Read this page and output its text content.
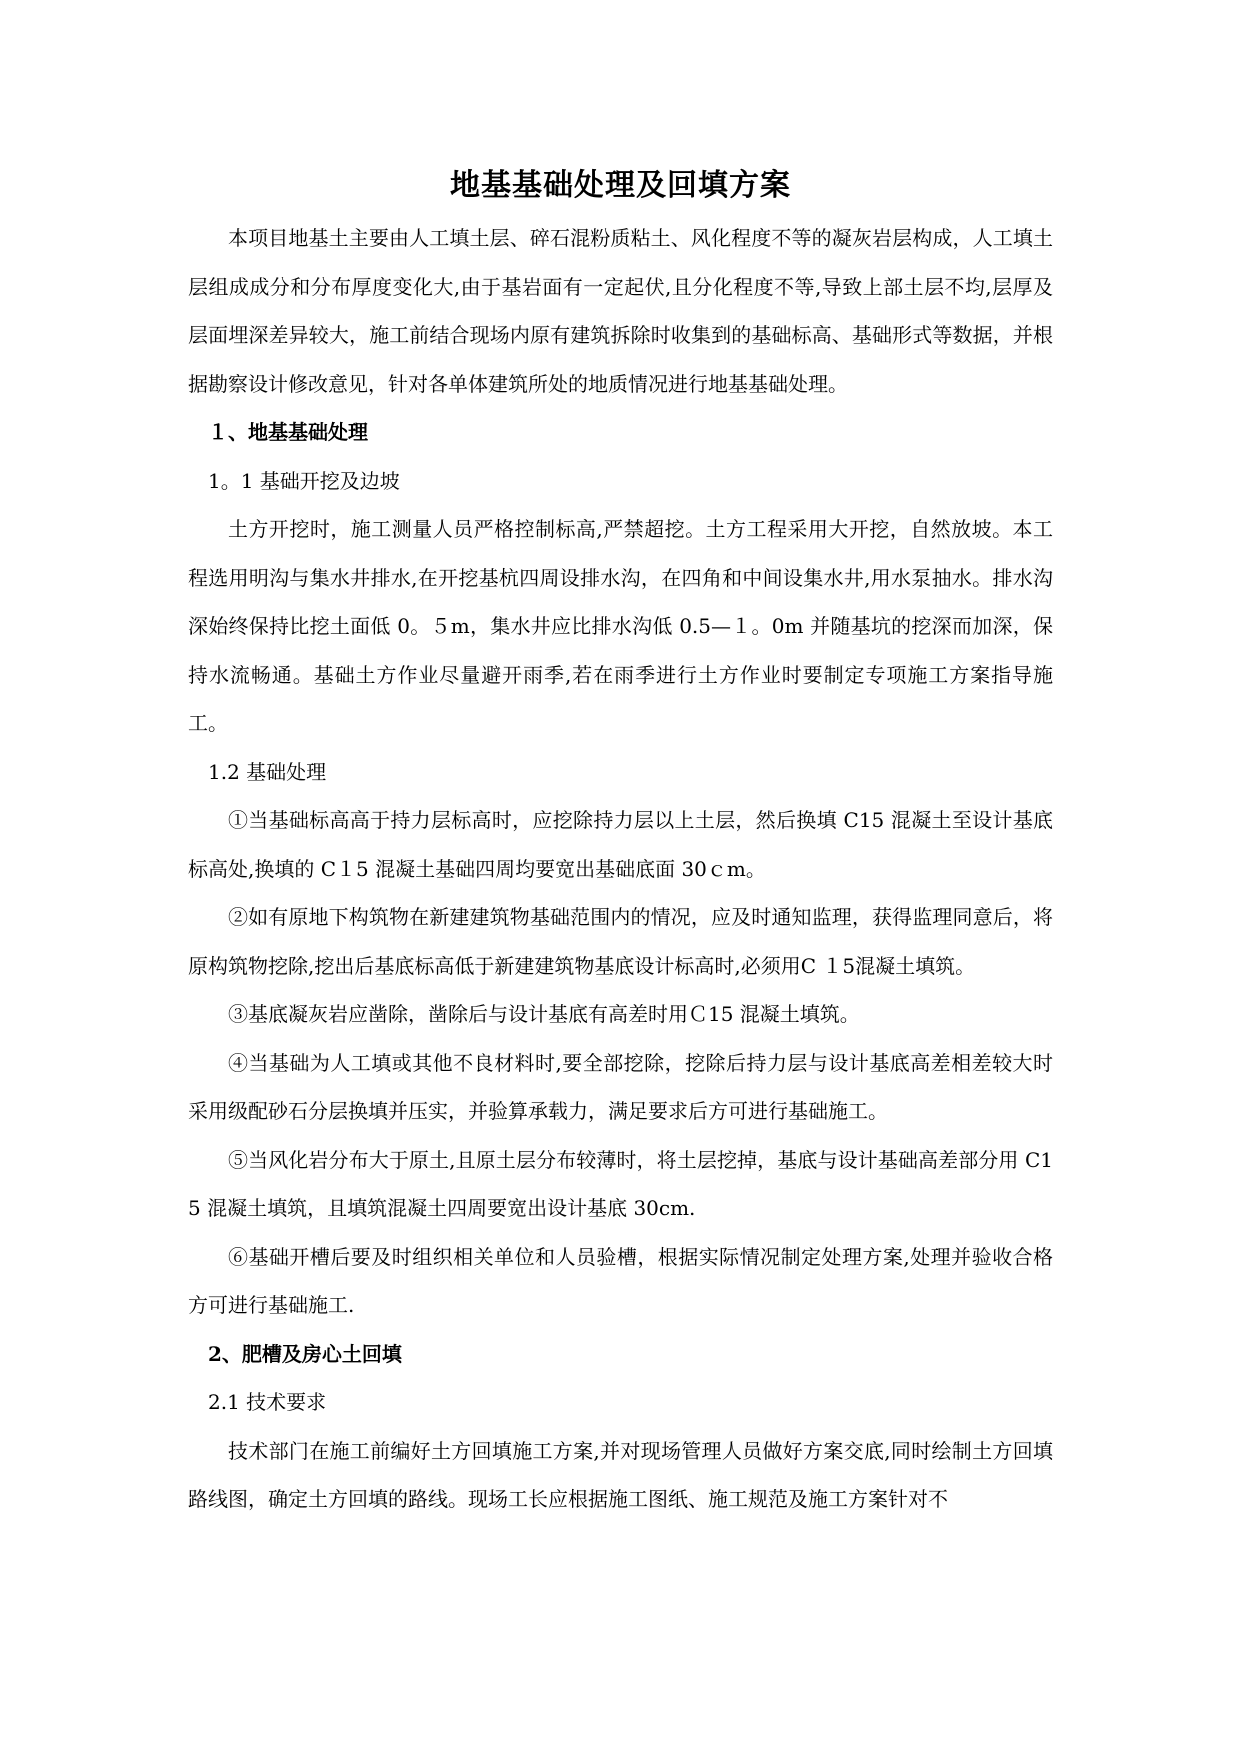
地基基础处理及回填方案

本项目地基土主要由人工填土层、碎石混粉质粘土、风化程度不等的凝灰岩层构成，人工填土层组成成分和分布厚度变化大,由于基岩面有一定起伏,且分化程度不等,导致上部土层不均,层厚及层面埋深差异较大，施工前结合现场内原有建筑拆除时收集到的基础标高、基础形式等数据，并根据勘察设计修改意见，针对各单体建筑所处的地质情况进行地基基础处理。

１、地基基础处理

1。1 基础开挖及边坡

土方开挖时，施工测量人员严格控制标高,严禁超挖。土方工程采用大开挖，自然放坡。本工程选用明沟与集水井排水,在开挖基杭四周设排水沟，在四角和中间设集水井,用水泵抽水。排水沟深始终保持比挖土面低 0。５m，集水井应比排水沟低 0.5—１。0m 并随基坑的挖深而加深，保持水流畅通。基础土方作业尽量避开雨季,若在雨季进行土方作业时要制定专项施工方案指导施工。

1.2 基础处理

①当基础标高高于持力层标高时，应挖除持力层以上土层，然后换填 C15 混凝土至设计基底标高处,换填的 C１5 混凝土基础四周均要宽出基础底面 30ｃm。

②如有原地下构筑物在新建建筑物基础范围内的情况，应及时通知监理，获得监理同意后，将原构筑物挖除,挖出后基底标高低于新建建筑物基底设计标高时,必须用C １5混凝土填筑。

③基底凝灰岩应凿除，凿除后与设计基底有高差时用Ｃ15 混凝土填筑。

④当基础为人工填或其他不良材料时,要全部挖除，挖除后持力层与设计基底高差相差较大时采用级配砂石分层换填并压实，并验算承载力，满足要求后方可进行基础施工。

⑤当风化岩分布大于原土,且原土层分布较薄时，将土层挖掉，基底与设计基础高差部分用 C15 混凝土填筑，且填筑混凝土四周要宽出设计基底 30cm.

⑥基础开槽后要及时组织相关单位和人员验槽，根据实际情况制定处理方案,处理并验收合格方可进行基础施工.

2、肥槽及房心土回填

2.1 技术要求

技术部门在施工前编好土方回填施工方案,并对现场管理人员做好方案交底,同时绘制土方回填路线图，确定土方回填的路线。现场工长应根据施工图纸、施工规范及施工方案针对不
